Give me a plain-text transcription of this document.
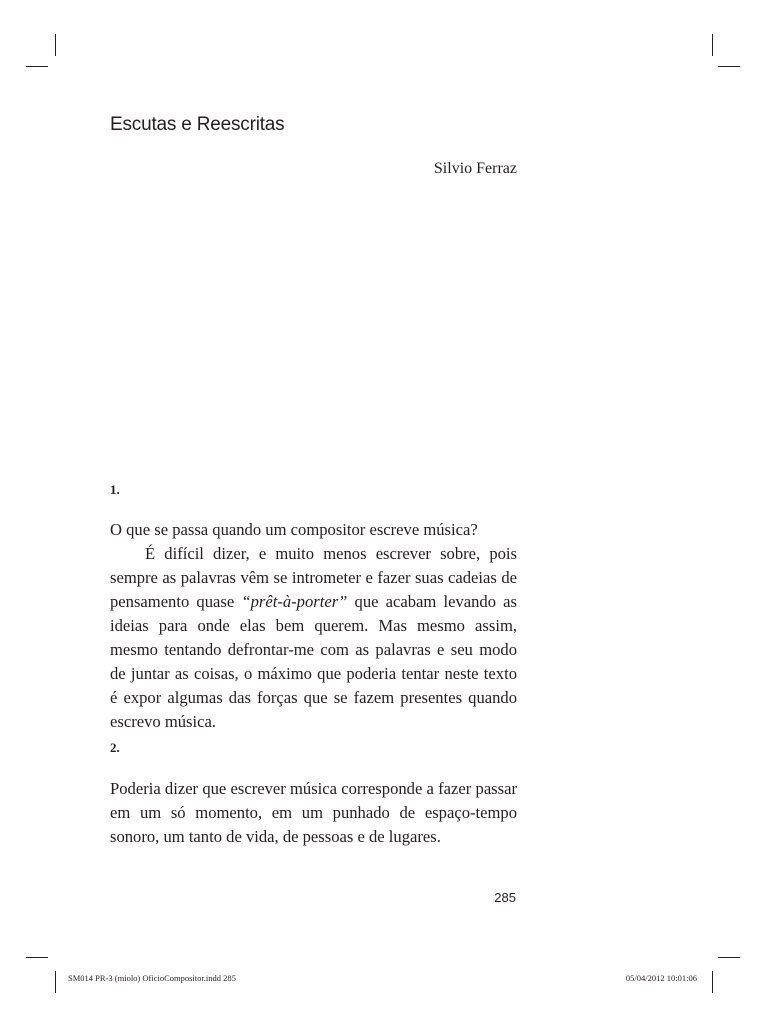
Escutas e Reescritas
Silvio Ferraz
1.

O que se passa quando um compositor escreve música?

É difícil dizer, e muito menos escrever sobre, pois sempre as palavras vêm se intrometer e fazer suas cadeias de pensamento quase “prêt-à-porter” que acabam levando as ideias para onde elas bem querem. Mas mesmo assim, mesmo tentando defrontar-me com as palavras e seu modo de juntar as coisas, o máximo que poderia tentar neste texto é expor algumas das forças que se fazem presentes quando escrevo música.

2.

Poderia dizer que escrever música corresponde a fazer passar em um só momento, em um punhado de espaço-tempo sonoro, um tanto de vida, de pessoas e de lugares.

285
SM014 PR-3 (miolo) OficioCompositor.indd 285	05/04/2012 10:01:06
